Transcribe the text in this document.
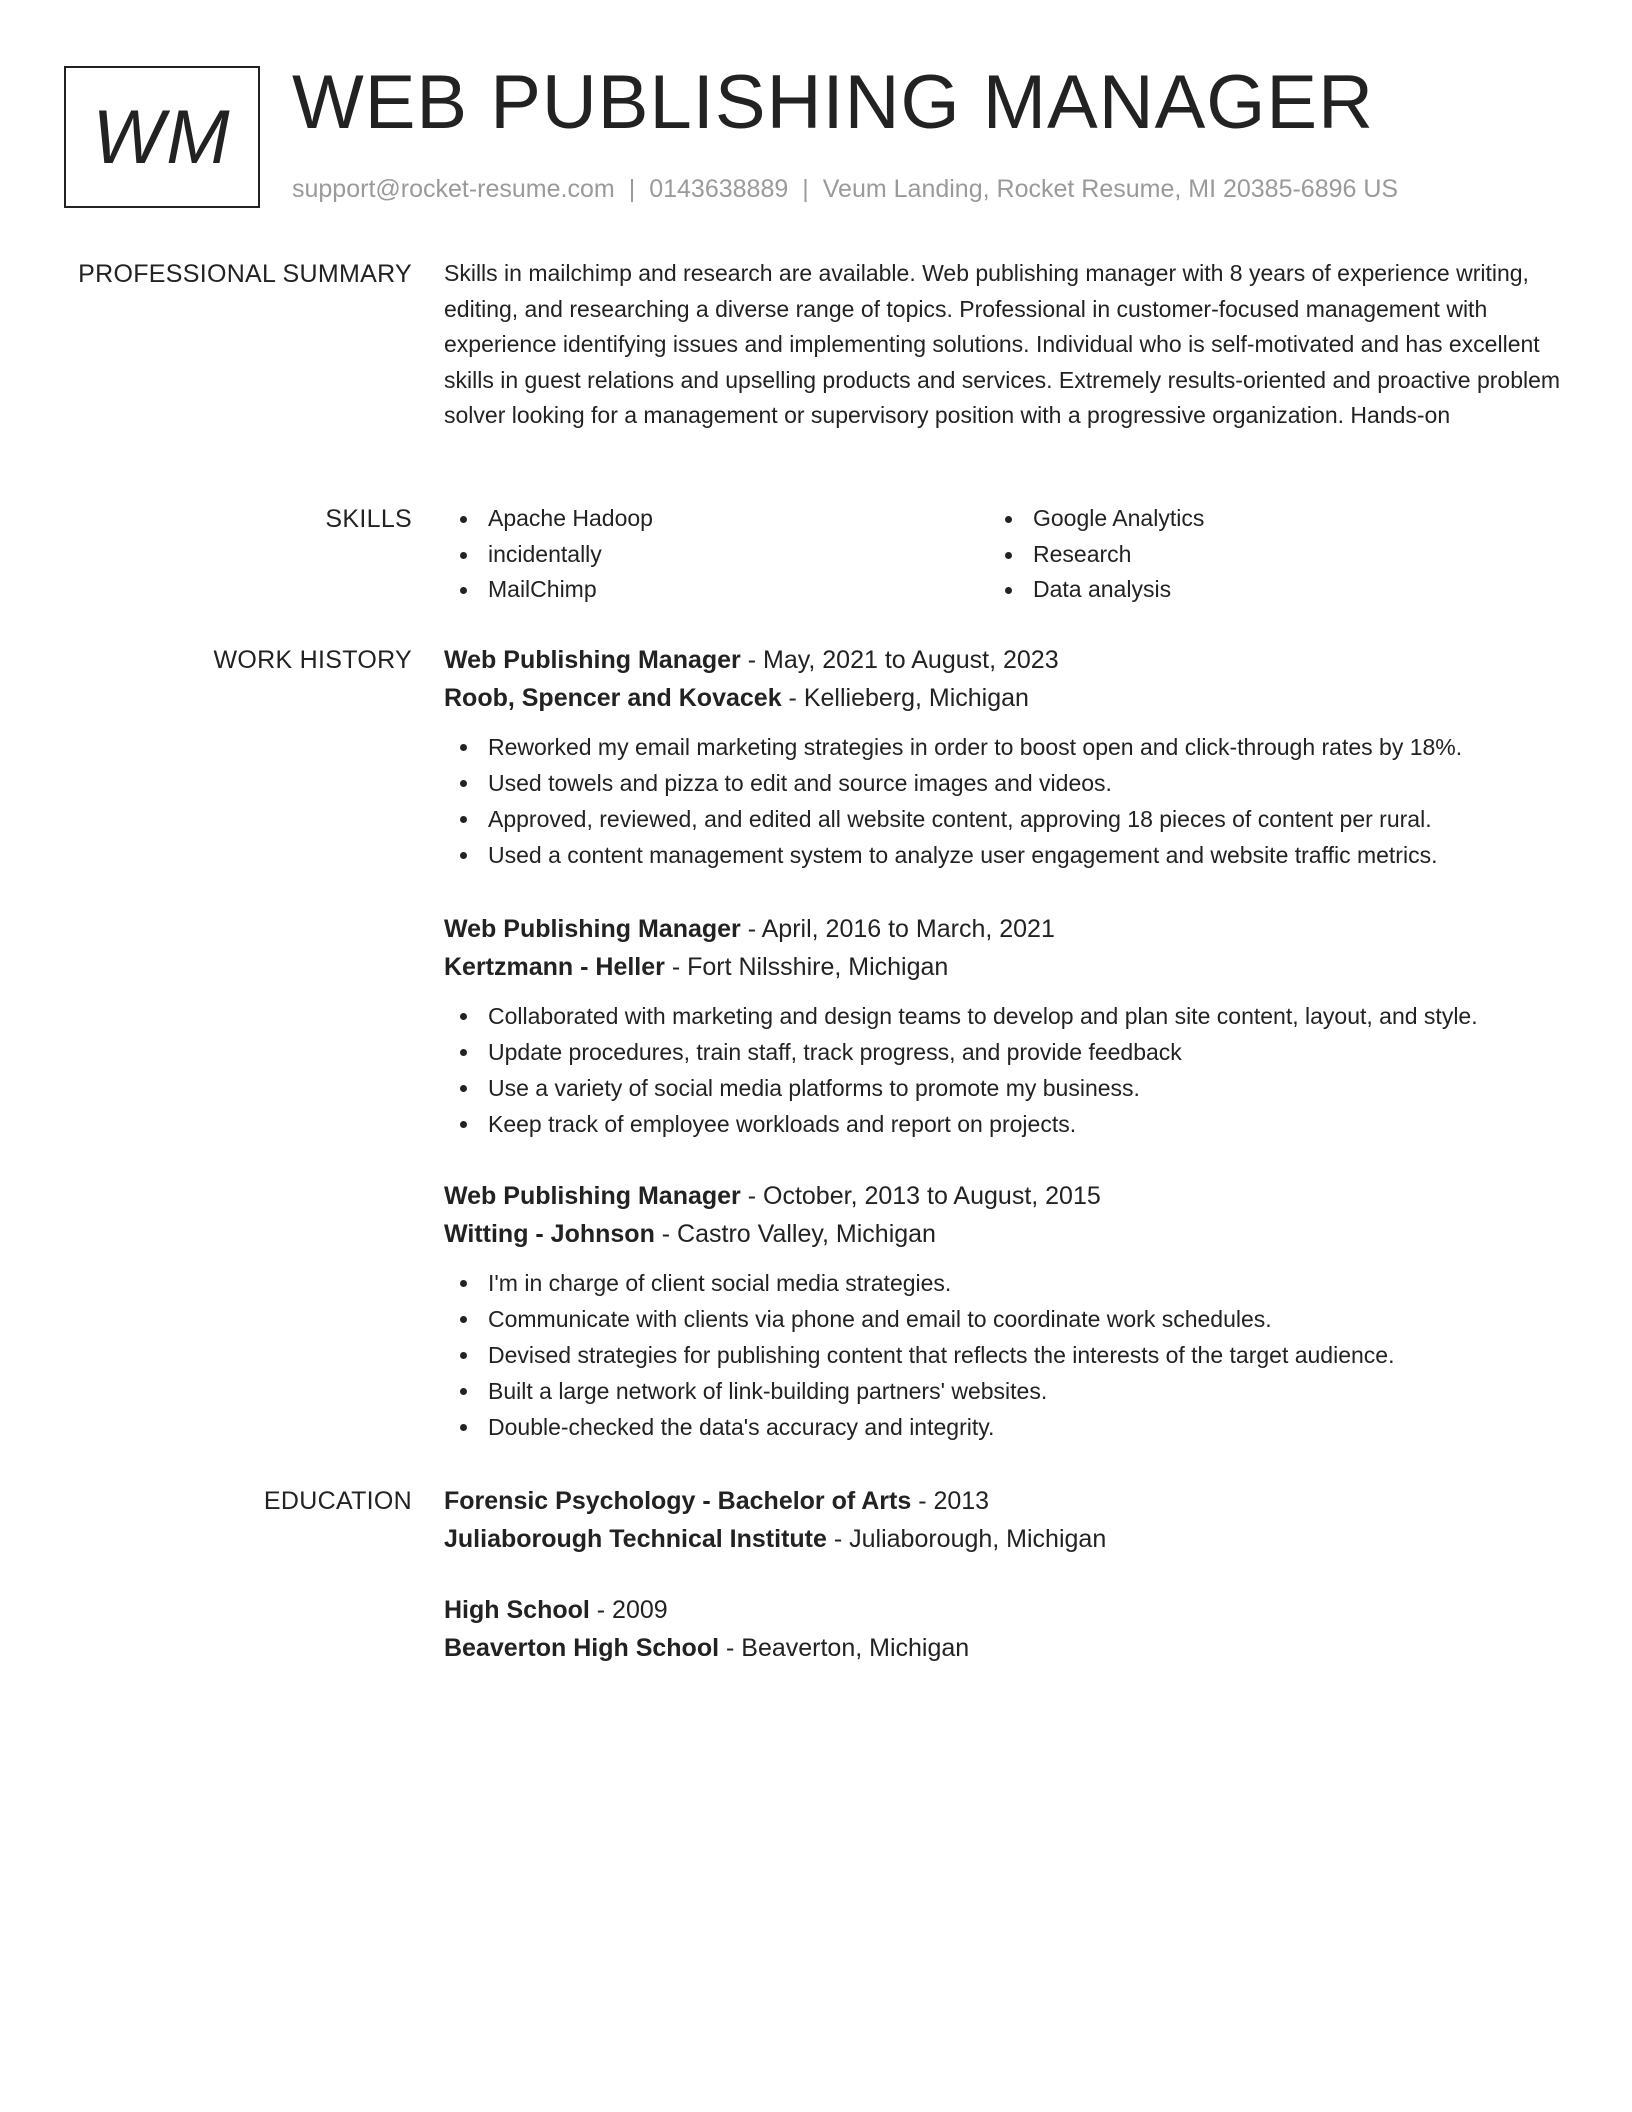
WM WEB PUBLISHING MANAGER
support@rocket-resume.com | 0143638889 | Veum Landing, Rocket Resume, MI 20385-6896 US
PROFESSIONAL SUMMARY Skills in mailchimp and research are available. Web publishing manager with 8 years of experience writing, editing, and researching a diverse range of topics. Professional in customer-focused management with experience identifying issues and implementing solutions. Individual who is self-motivated and has excellent skills in guest relations and upselling products and services. Extremely results-oriented and proactive problem solver looking for a management or supervisory position with a progressive organization. Hands-on

SKILLS	Apache Hadoop
incidentally
MailChimp
Google Analytics
Research
Data analysis
WORK HISTORY Web Publishing Manager - May, 2021 to August, 2023
Roob, Spencer and Kovacek - Kellieberg, Michigan
Reworked my email marketing strategies in order to boost open and click-through rates by 18%.
Used towels and pizza to edit and source images and videos.
Approved, reviewed, and edited all website content, approving 18 pieces of content per rural.
Used a content management system to analyze user engagement and website traffic metrics.
Web Publishing Manager - April, 2016 to March, 2021
Kertzmann - Heller - Fort Nilsshire, Michigan
Collaborated with marketing and design teams to develop and plan site content, layout, and style.
Update procedures, train staff, track progress, and provide feedback
Use a variety of social media platforms to promote my business.
Keep track of employee workloads and report on projects.
Web Publishing Manager - October, 2013 to August, 2015
Witting - Johnson - Castro Valley, Michigan
I'm in charge of client social media strategies.
Communicate with clients via phone and email to coordinate work schedules.
Devised strategies for publishing content that reflects the interests of the target audience.
Built a large network of link-building partners' websites.
Double-checked the data's accuracy and integrity.
EDUCATION Forensic Psychology - Bachelor of Arts - 2013
Juliaborough Technical Institute - Juliaborough, Michigan
High School - 2009
Beaverton High School - Beaverton, Michigan
